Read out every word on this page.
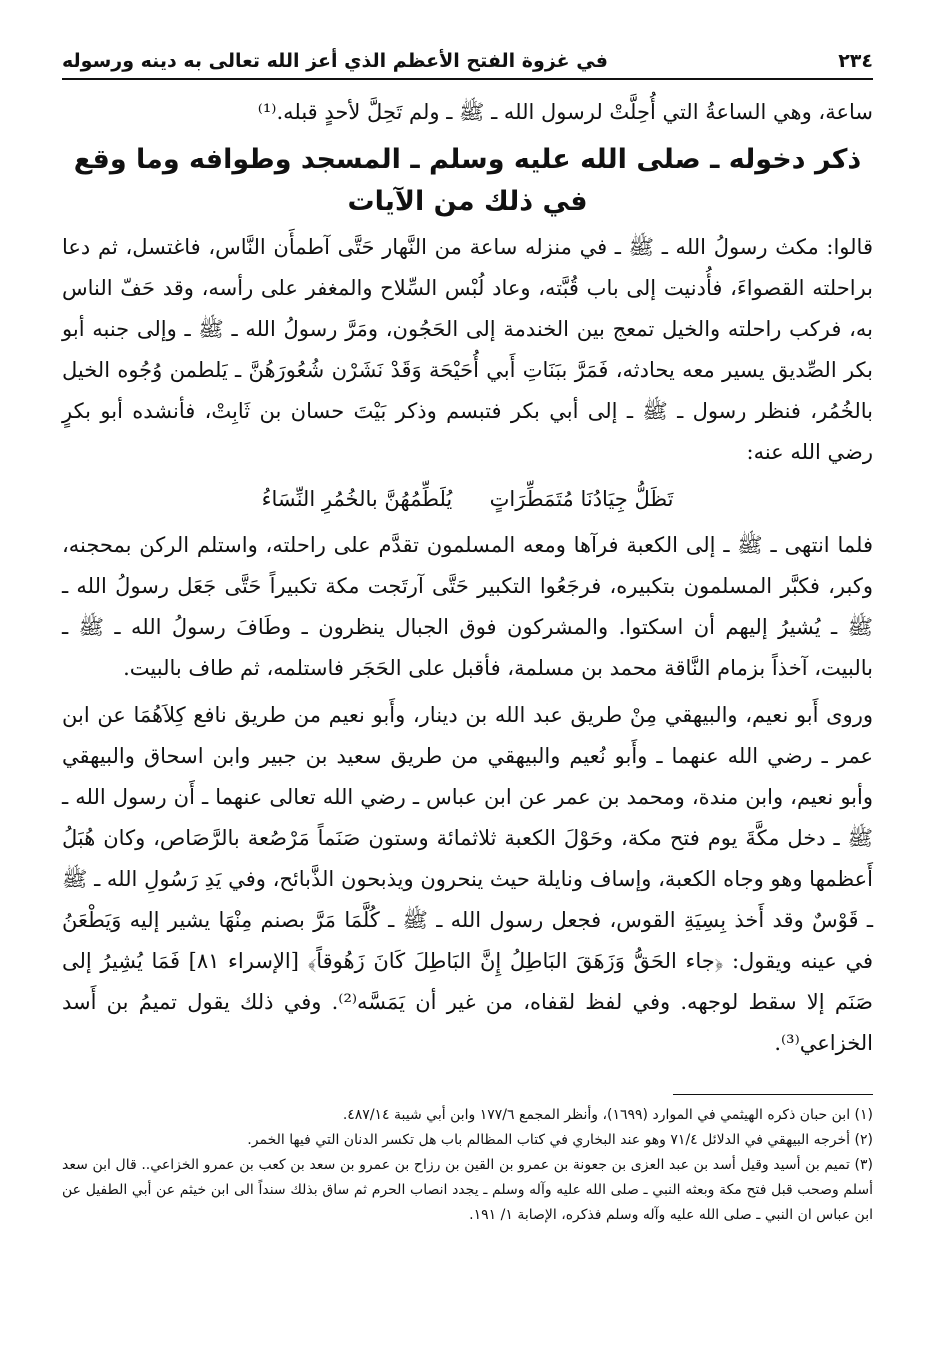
٢٣٤
في غزوة الفتح الأعظم الذي أعز الله تعالى به دينه ورسوله

ساعة، وهي الساعةُ التي أُحِلَّتْ لرسول الله ـ ﷺ ـ ولم تَحِلَّ لأحدٍ قبله.⁽¹⁾

ذكر دخوله ـ صلى الله عليه وسلم ـ المسجد وطوافه وما وقع
في ذلك من الآيات

قالوا: مكث رسولُ الله ـ ﷺ ـ في منزله ساعة من النَّهار حَتَّى آطمأَن النَّاس، فاغتسل، ثم دعا براحلته القصواءَ، فأُدنيت إلى باب قُبَّته، وعاد لُبْس السِّلاح والمغفر على رأسه، وقد حَفّ الناس به، فركب راحلته والخيل تمعج بين الخندمة إلى الحَجُون، ومَرَّ رسولُ الله ـ ﷺ ـ وإلى جنبه أبو بكر الصِّديق يسير معه يحادثه، فَمَرَّ ببَنَاتِ أَبي أُحَيْحَة وَقَدْ نَشَرْن شُعُورَهُنَّ ـ يَلطمن وُجُوه الخيل بالخُمُر، فنظر رسول ـ ﷺ ـ إلى أبي بكر فتبسم وذكر بَيْتَ حسان بن ثَابِتْ، فأنشده أبو بكرٍ رضي الله عنه:

تَظَلُّ جِيَادُنَا مُتَمَطِّرَاتٍ  يُلَطِّمُهُنَّ بالخُمُرِ النِّسَاءُ

فلما انتهى ـ ﷺ ـ إلى الكعبة فرآها ومعه المسلمون تقدَّم على راحلته، واستلم الركن بمحجنه، وكبر، فكبَّر المسلمون بتكبيره، فرجَعُوا التكبير حَتَّى آرتَجت مكة تكبيراً حَتَّى جَعَل رسولُ الله ـ ﷺ ـ يُشيرُ إليهم أن اسكتوا. والمشركون فوق الجبال ينظرون ـ وطَافَ رسولُ الله ـ ﷺ ـ بالبيت، آخذاً بزمام النَّاقة محمد بن مسلمة، فأقبل على الحَجَر فاستلمه، ثم طاف بالبيت.

وروى أَبو نعيم، والبيهقي مِنْ طريق عبد الله بن دينار، وأَبو نعيم من طريق نافع كِلاَهُمَا عن ابن عمر ـ رضي الله عنهما ـ وأَبو نُعيم والبيهقي من طريق سعيد بن جبير وابن اسحاق والبيهقي وأبو نعيم، وابن مندة، ومحمد بن عمر عن ابن عباس ـ رضي الله تعالى عنهما ـ أَن رسول الله ـ ﷺ ـ دخل مكَّةَ يوم فتح مكة، وحَوْلَ الكعبة ثلاثمائة وستون صَنَماً مَرْصُعة بالرَّصَاص، وكان هُبَلُ أَعظمها وهو وجاه الكعبة، وإساف ونايلة حيث ينحرون ويذبحون الذَّبائح، وفي يَدِ رَسُولِ الله ـ ﷺ ـ قَوْسٌ وقد أَخذ بِسِيَةِ القوس، فجعل رسول الله ـ ﷺ ـ كُلَّمَا مَرَّ بصنم مِنْهَا يشير إليه وَيَطْعَنُ في عينه ويقول: ﴿جاء الحَقُّ وَزَهَقَ البَاطِلُ إِنَّ البَاطِلَ كَانَ زَهُوقاً﴾ [الإسراء ٨١] فَمَا يُشِيرُ إلى صَنَم إلا سقط لوجهه. وفي لفظ لقفاه، من غير أن يَمَسَّه⁽²⁾. وفي ذلك يقول تميمُ بن أَسد الخزاعي⁽³⁾.

(١) ابن حبان ذكره الهيثمي في الموارد (١٦٩٩)، وأنظر المجمع ١٧٧/٦ وابن أبي شيبة ٤٨٧/١٤.

(٢) أخرجه البيهقي في الدلائل ٧١/٤ وهو عند البخاري في كتاب المظالم باب هل تكسر الدنان التي فيها الخمر.

(٣) تميم بن أسيد وقيل أسد بن عبد العزى بن جعونة بن عمرو بن القين بن رزاح بن عمرو بن سعد بن كعب بن عمرو الخزاعي.. قال ابن سعد أسلم وصحب قبل فتح مكة وبعثه النبي ـ صلى الله عليه وآله وسلم ـ يجدد انصاب الحرم ثم ساق بذلك سنداً الى ابن خيثم عن أبي الطفيل عن ابن عباس ان النبي ـ صلى الله عليه وآله وسلم فذكره، الإصابة ١/ ١٩١.
